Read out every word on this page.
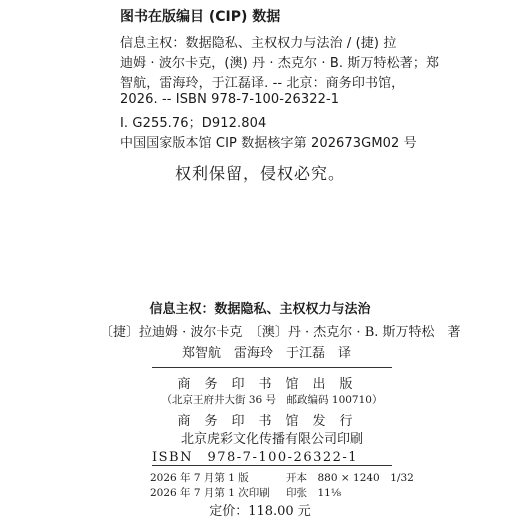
图书在版编目 (CIP) 数据
信息主权：数据隐私、主权权力与法治 / (捷) 拉
迪姆 · 波尔卡克，(澳) 丹 · 杰克尔 · B. 斯万特松著；郑
智航，雷海玲，于江磊译. -- 北京：商务印书馆，
2026. -- ISBN 978-7-100-26322-1
Ⅰ. G255.76；D912.804
中国国家版本馆 CIP 数据核字第 202673GM02 号
权利保留，侵权必究。
信息主权：数据隐私、主权权力与法治
〔捷〕拉迪姆 · 波尔卡克　〔澳〕丹 · 杰克尔 · B. 斯万特松　著
郑智航　雷海玲　于江磊　译
商务印书馆出版
（北京王府井大街 36 号　邮政编码 100710）
商务印书馆发行
北京虎彩文化传播有限公司印刷
ISBN　978-7-100-26322-1
2026 年 7 月第 1 版	开本　880 × 1240　1/32
2026 年 7 月第 1 次印刷 印张　11⅛
定价：118.00 元
